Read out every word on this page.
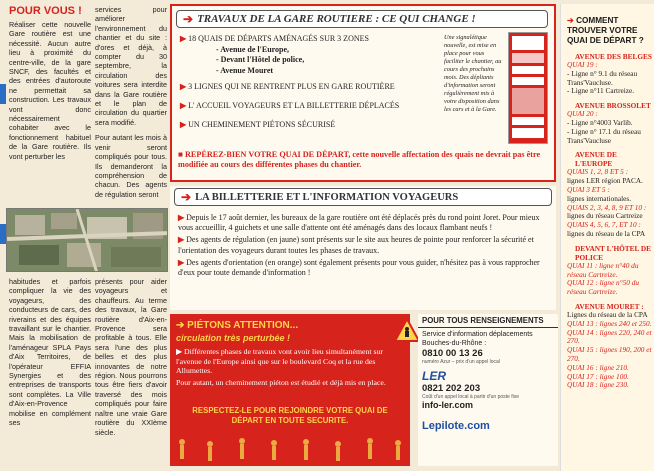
POUR VOUS !
Réaliser cette nouvelle Gare routière est une nécessité. Aucun autre lieu à proximité du centre-ville, de la gare SNCF, des facultés et des entrées d'autoroute ne permettait sa construction. Les travaux vont donc nécessairement cohabiter avec le fonctionnement habituel de la Gare routière. Ils vont perturber les
habitudes et parfois compliquer la vie des voyageurs, des conducteurs de cars, des riverains et des équipes travaillant sur le chantier. Mais la mobilisation de l'aménageur SPLA Pays d'Aix Territoires, de l'opérateur EFFIA Synergies et des entreprises de transports sont complètes. La Ville d'Aix-en-Provence mobilise en complément ses
services pour améliorer l'environnement du chantier et du site : d'ores et déjà, à compter du 30 septembre, la circulation des voitures sera interdite dans la Gare routière et le plan de circulation du quartier sera modifié.
Pour autant les mois à venir seront compliqués pour tous. Ils demanderont la compréhension de chacun. Des agents de régulation seront
présents pour aider voyageurs et chauffeurs. Au terme des travaux, la Gare routière d'Aix-en-Provence sera profitable à tous. Elle sera l'une des plus belles et des plus innovantes de notre région. Nous pourrons tous être fiers d'avoir traversé des mois compliqués pour faire naître une vraie Gare routière du XXIème siècle.
➔ TRAVAUX DE LA GARE ROUTIERE : CE QUI CHANGE !
▶ 18 QUAIS DE DÉPARTS AMÉNAGÉS SUR 3 ZONES
- Avenue de l'Europe,
- Devant l'Hôtel de police,
- Avenue Mouret
▶ 3 LIGNES QUI NE RENTRENT PLUS EN GARE ROUTIÈRE
▶ L' ACCUEIL VOYAGEURS ET LA BILLETTERIE DÉPLACÉS
▶ UN CHEMINEMENT PIÉTONS SÉCURISÉ
Une signalétique nouvelle, est mise en place pour vous faciliter le chantier, au cours des prochains mois. Des dépliants d'information seront régulièrement mis à votre disposition dans les cars et à la Gare.
■ REPÉREZ-BIEN VOTRE QUAI DE DÉPART, cette nouvelle affectation des quais ne devrait pas être modifiée au cours des différentes phases du chantier.
➔ LA BILLETTERIE ET L'INFORMATION VOYAGEURS
▶ Depuis le 17 août dernier, les bureaux de la gare routière ont été déplacés près du rond point Joret. Pour mieux vous accueillir, 4 guichets et une salle d'attente ont été aménagés dans des locaux flambant neufs !
▶ Des agents de régulation (en jaune) sont présents sur le site aux heures de pointe pour renforcer la sécurité et l'orientation des voyageurs durant toutes les phases de travaux.
▶ Des agents d'orientation (en orange) sont également présents pour vous guider, n'hésitez pas à vous rapprocher d'eux pour toute demande d'information !
➔ PIÉTONS ATTENTION...
circulation très perturbée !
▶ Différentes phases de travaux vont avoir lieu simultanément sur l'avenue de l'Europe ainsi que sur le boulevard Coq et la rue des Allumettes.
Pour autant, un cheminement piéton est étudié et déjà mis en place.
RESPECTEZ-LE POUR REJOINDRE VOTRE QUAI DE DÉPART EN TOUTE SECURITE.
POUR TOUS RENSEIGNEMENTS
Service d'information déplacements Bouches-du-Rhône :
0810 00 13 26
numéro Azur – prix d'un appel local
LER
0821 202 203
Coût d'un appel local à partir d'un poste fixe
info-ler.com
Lepilote.com
➔ COMMENT TROUVER VOTRE QUAI DE DÉPART ?
AVENUE DES BELGES
QUAI 19 :
- Ligne n° 9.1 du réseau Trans'Vaucluse.
- Ligne n°11 Cartreize.
AVENUE BROSSOLET
QUAI 20 :
- Ligne n°4003 Varlib.
- Ligne n° 17.1 du réseau Trans'Vaucluse
AVENUE DE L'EUROPE
QUAIS 1, 2, 8 ET 5 :
lignes LER région PACA.
QUAI 3 ET 5 :
lignes internationales.
QUAIS 2, 3, 4, 8, 9 ET 10 :
lignes du réseau Cartreize
QUAIS 4, 5, 6, 7, ET 10 :
lignes du réseau de la CPA
DEVANT L'HÔTEL DE POLICE
QUAI 11 : ligne n°40 du réseau Cartreize.
QUAI 12 : ligne n°50 du réseau Cartreize.
AVENUE MOURET :
Lignes du réseau de la CPA
QUAI 13 : lignes 240 et 250.
QUAI 14 : lignes 220, 240 et 270.
QUAI 15 : lignes 190, 200 et 270.
QUAI 16 : ligne 210.
QUAI 17 : ligne 100.
QUAI 18 : ligne 230.
